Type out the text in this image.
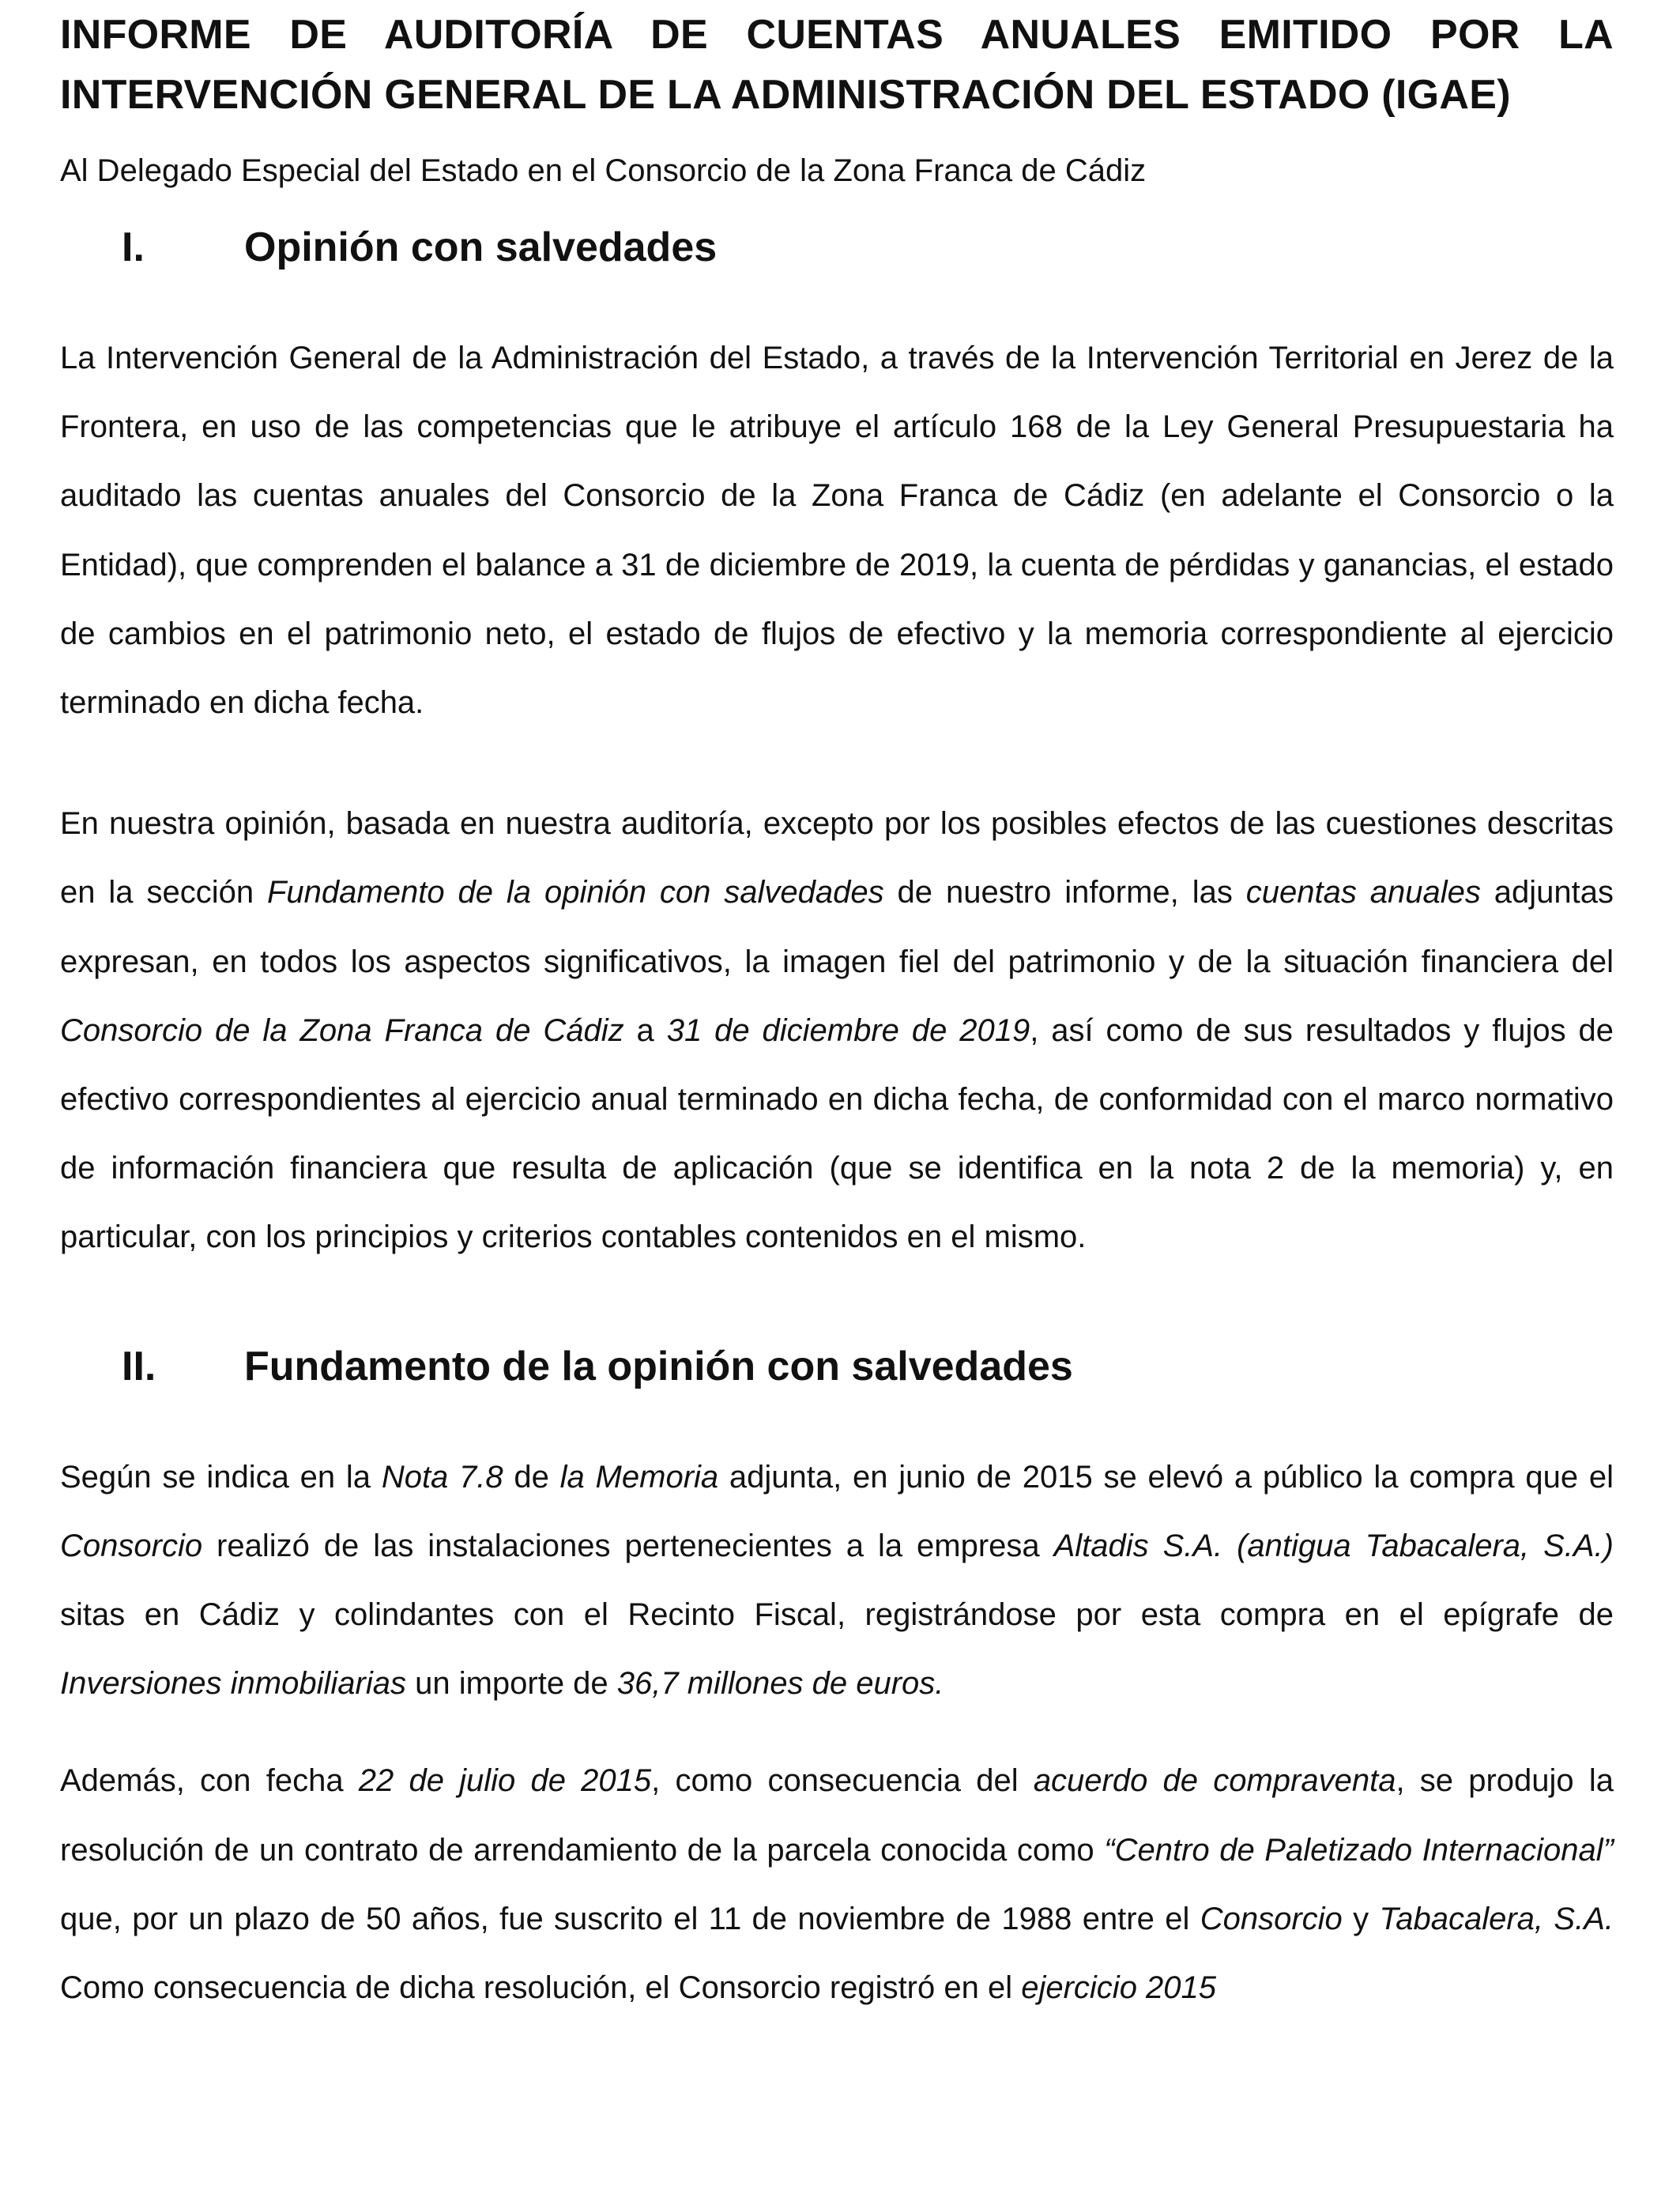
INFORME DE AUDITORÍA DE CUENTAS ANUALES EMITIDO POR LA INTERVENCIÓN GENERAL DE LA ADMINISTRACIÓN DEL ESTADO (IGAE)

Al Delegado Especial del Estado en el Consorcio de la Zona Franca de Cádiz

I.	Opinión con salvedades

La Intervención General de la Administración del Estado, a través de la Intervención Territorial en Jerez de la Frontera, en uso de las competencias que le atribuye el artículo 168 de la Ley General Presupuestaria ha auditado las cuentas anuales del Consorcio de la Zona Franca de Cádiz (en adelante el Consorcio o la Entidad), que comprenden el balance a 31 de diciembre de 2019, la cuenta de pérdidas y ganancias, el estado de cambios en el patrimonio neto, el estado de flujos de efectivo y la memoria correspondiente al ejercicio terminado en dicha fecha.

En nuestra opinión, basada en nuestra auditoría, excepto por los posibles efectos de las cuestiones descritas en la sección Fundamento de la opinión con salvedades de nuestro informe, las cuentas anuales adjuntas expresan, en todos los aspectos significativos, la imagen fiel del patrimonio y de la situación financiera del Consorcio de la Zona Franca de Cádiz a 31 de diciembre de 2019, así como de sus resultados y flujos de efectivo correspondientes al ejercicio anual terminado en dicha fecha, de conformidad con el marco normativo de información financiera que resulta de aplicación (que se identifica en la nota 2 de la memoria) y, en particular, con los principios y criterios contables contenidos en el mismo.

II.	Fundamento de la opinión con salvedades

Según se indica en la Nota 7.8 de la Memoria adjunta, en junio de 2015 se elevó a público la compra que el Consorcio realizó de las instalaciones pertenecientes a la empresa Altadis S.A. (antigua Tabacalera, S.A.) sitas en Cádiz y colindantes con el Recinto Fiscal, registrándose por esta compra en el epígrafe de Inversiones inmobiliarias un importe de 36,7 millones de euros.

Además, con fecha 22 de julio de 2015, como consecuencia del acuerdo de compraventa, se produjo la resolución de un contrato de arrendamiento de la parcela conocida como “Centro de Paletizado Internacional” que, por un plazo de 50 años, fue suscrito el 11 de noviembre de 1988 entre el Consorcio y Tabacalera, S.A. Como consecuencia de dicha resolución, el Consorcio registró en el ejercicio 2015
